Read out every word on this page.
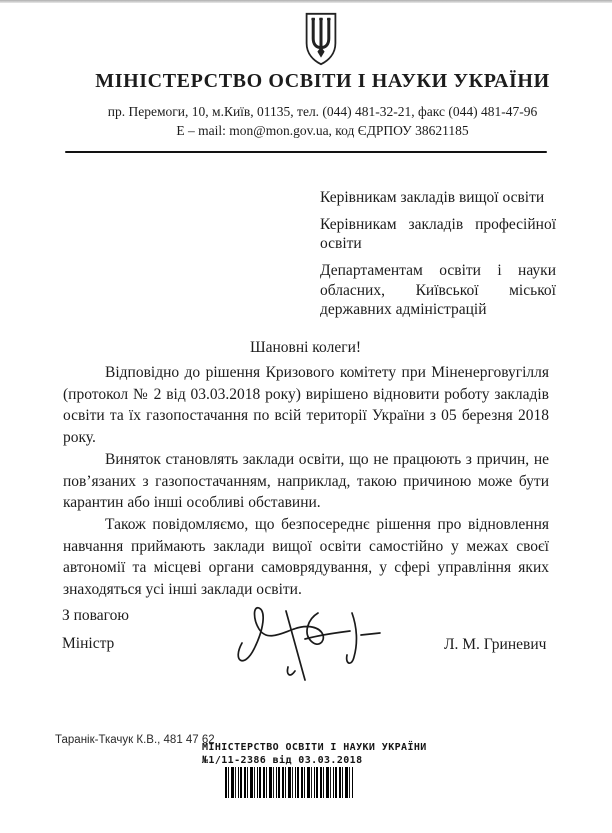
МІНІСТЕРСТВО ОСВІТИ І НАУКИ УКРАЇНИ
пр. Перемоги, 10, м.Київ, 01135, тел. (044) 481-32-21, факс (044) 481-47-96
Е – mail: mon@mon.gov.ua, код ЄДРПОУ 38621185

Керівникам закладів вищої освіти

Керівникам закладів професійної освіти

Департаментам освіти і науки обласних, Київської міської державних адміністрацій

Шановні колеги!

Відповідно до рішення Кризового комітету при Міненерговугілля (протокол № 2 від 03.03.2018 року) вирішено відновити роботу закладів освіти та їх газопостачання по всій території України з 05 березня 2018 року.

Виняток становлять заклади освіти, що не працюють з причин, не пов’язаних з газопостачанням, наприклад, такою причиною може бути карантин або інші особливі обставини.

Також повідомляємо, що безпосереднє рішення про відновлення навчання приймають заклади вищої освіти самостійно у межах своєї автономії та місцеві органи самоврядування, у сфері управління яких знаходяться усі інші заклади освіти.

З повагою
Міністр	Л. М. Гриневич
Таранік-Ткачук К.В., 481 47 62
МІНІСТЕРСТВО ОСВІТИ І НАУКИ УКРАЇНИ
№1/11-2386 від 03.03.2018
